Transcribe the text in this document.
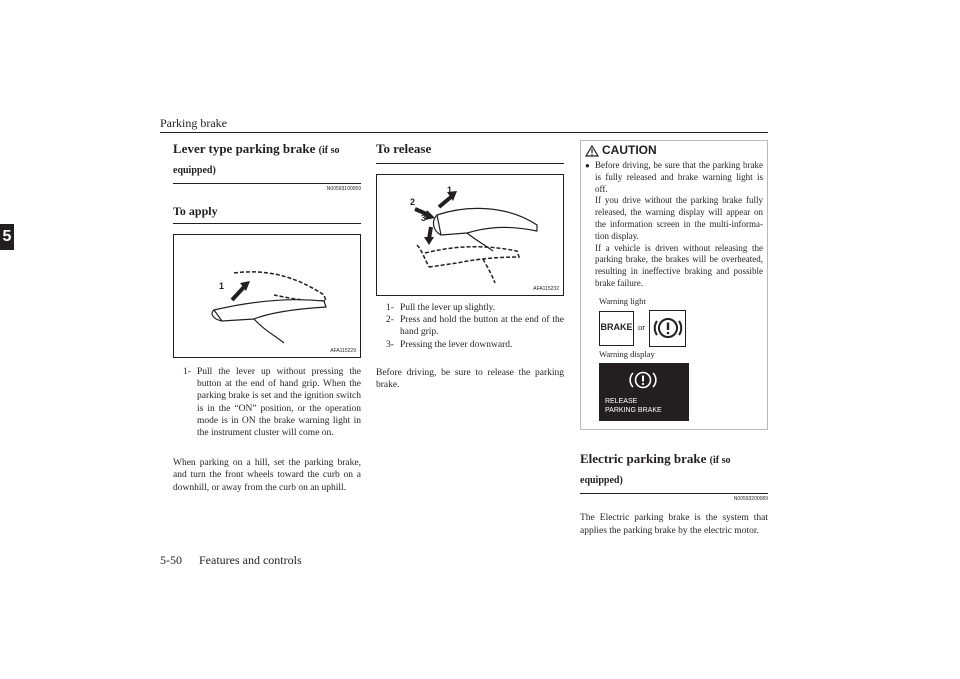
Parking brake
5
Lever type parking brake (if so equipped)
N00593100059
To apply
1
AFA115229
1- Pull the lever up without pressing the button at the end of hand grip. When the parking brake is set and the ignition switch is in the “ON” position, or the operation mode is in ON the brake warning light in the instrument cluster will come on.
When parking on a hill, set the parking brake, and turn the front wheels toward the curb on a downhill, or away from the curb on an uphill.
To release
1
2
3
AFA115232
1- Pull the lever up slightly.
2- Press and hold the button at the end of the hand grip.
3- Pressing the lever downward.
Before driving, be sure to release the parking brake.
CAUTION
● Before driving, be sure that the parking brake is fully released and brake warning light is off.

If you drive without the parking brake fully released, the warning display will appear on the information screen in the multi-informa-tion display.

If a vehicle is driven without releasing the parking brake, the brakes will be overheated, resulting in ineffective braking and possible brake failure.

Warning light
BRAKE or
Warning display
RELEASE
PARKING BRAKE
Electric parking brake (if so equipped)
N00593200089
The Electric parking brake is the system that applies the parking brake by the electric motor.
5-50 Features and controls
